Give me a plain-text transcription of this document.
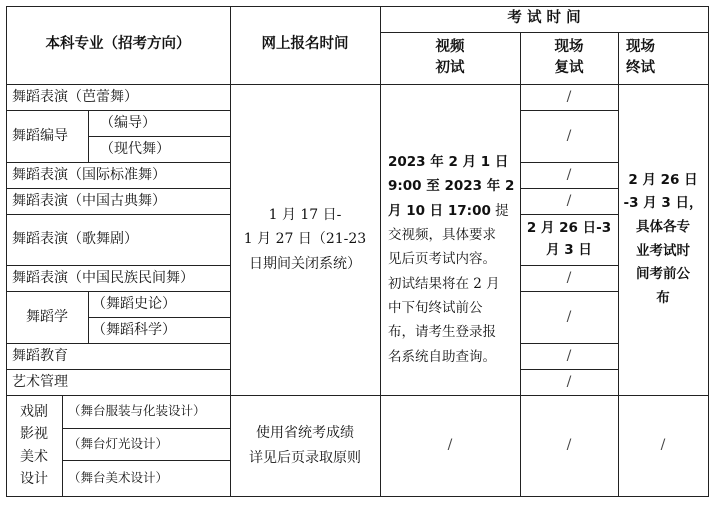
本科专业（招考方向）	网上报名时间
考 试 时 间
视频
初试
现场
复试
现场
终试
舞蹈表演（芭蕾舞）
舞蹈编导
（编导）
（现代舞）
舞蹈表演（国际标准舞）
舞蹈表演（中国古典舞）
舞蹈表演（歌舞剧）
舞蹈表演（中国民族民间舞）
舞蹈学
（舞蹈史论）
（舞蹈科学）
舞蹈教育
艺术管理
戏剧
影视
美术
设计
（舞台服装与化装设计）
（舞台灯光设计）
（舞台美术设计）
1 月 17 日-
1 月 27 日（21-23
日期间关闭系统）
使用省统考成绩
详见后页录取原则
2023 年 2 月 1 日
9:00 至 2023 年 2
月 10 日 17:00 提
交视频，具体要求
见后页考试内容。
初试结果将在 2 月
中下旬终试前公
布，请考生登录报
名系统自助查询。
/
/
/
/
/
2 月 26 日-3
月 3 日
/
/
/
/
/
2 月 26 日
-3 月 3 日，
具体各专
业考试时
间考前公
布
/
